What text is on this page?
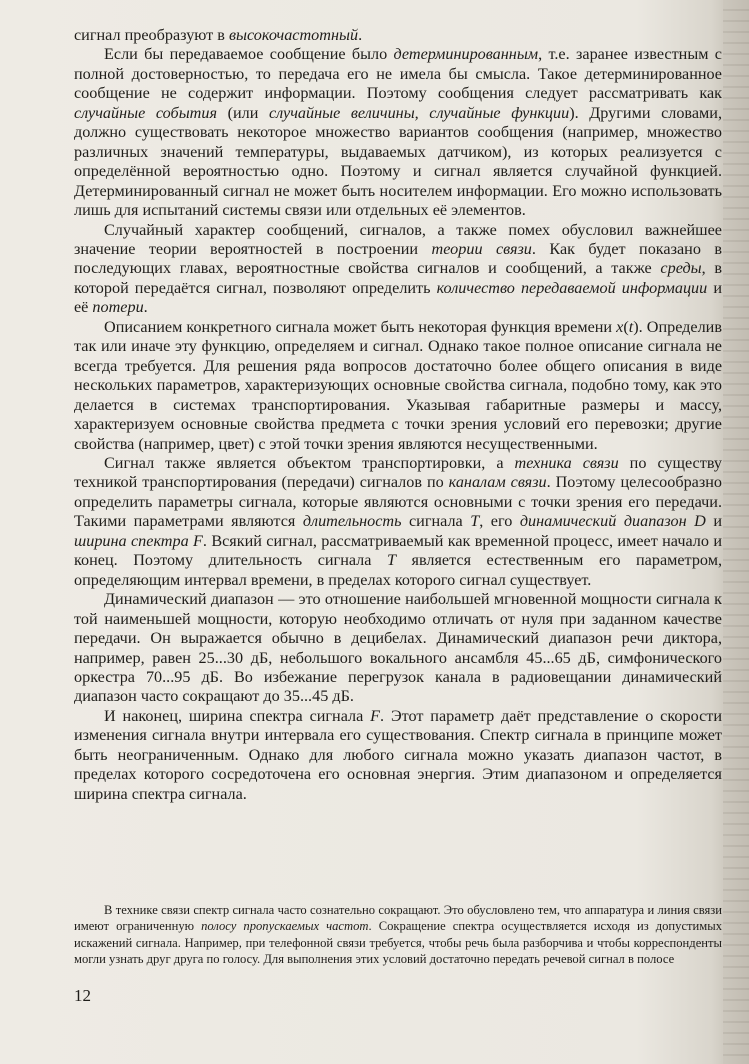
сигнал преобразуют в высокочастотный.

Если бы передаваемое сообщение было детерминированным, т.е. заранее известным с полной достоверностью, то передача его не имела бы смысла. Такое детерминированное сообщение не содержит информации. Поэтому сообщения следует рассматривать как случайные события (или случайные величины, случайные функции). Другими словами, должно существовать некоторое множество вариантов сообщения (например, множество различных значений температуры, выдаваемых датчиком), из которых реализуется с определённой вероятностью одно. Поэтому и сигнал является случайной функцией. Детерминированный сигнал не может быть носителем информации. Его можно использовать лишь для испытаний системы связи или отдельных её элементов.

Случайный характер сообщений, сигналов, а также помех обусловил важнейшее значение теории вероятностей в построении теории связи. Как будет показано в последующих главах, вероятностные свойства сигналов и сообщений, а также среды, в которой передаётся сигнал, позволяют определить количество передаваемой информации и её потери.

Описанием конкретного сигнала может быть некоторая функция времени x(t). Определив так или иначе эту функцию, определяем и сигнал. Однако такое полное описание сигнала не всегда требуется. Для решения ряда вопросов достаточно более общего описания в виде нескольких параметров, характеризующих основные свойства сигнала, подобно тому, как это делается в системах транспортирования. Указывая габаритные размеры и массу, характеризуем основные свойства предмета с точки зрения условий его перевозки; другие свойства (например, цвет) с этой точки зрения являются несущественными.

Сигнал также является объектом транспортировки, а техника связи по существу техникой транспортирования (передачи) сигналов по каналам связи. Поэтому целесообразно определить параметры сигнала, которые являются основными с точки зрения его передачи. Такими параметрами являются длительность сигнала T, его динамический диапазон D и ширина спектра F. Всякий сигнал, рассматриваемый как временной процесс, имеет начало и конец. Поэтому длительность сигнала T является естественным его параметром, определяющим интервал времени, в пределах которого сигнал существует.

Динамический диапазон — это отношение наибольшей мгновенной мощности сигнала к той наименьшей мощности, которую необходимо отличать от нуля при заданном качестве передачи. Он выражается обычно в децибелах. Динамический диапазон речи диктора, например, равен 25...30 дБ, небольшого вокального ансамбля 45...65 дБ, симфонического оркестра 70...95 дБ. Во избежание перегрузок канала в радиовещании динамический диапазон часто сокращают до 35...45 дБ.

И наконец, ширина спектра сигнала F. Этот параметр даёт представление о скорости изменения сигнала внутри интервала его существования. Спектр сигнала в принципе может быть неограниченным. Однако для любого сигнала можно указать диапазон частот, в пределах которого сосредоточена его основная энергия. Этим диапазоном и определяется ширина спектра сигнала.

В технике связи спектр сигнала часто сознательно сокращают. Это обусловлено тем, что аппаратура и линия связи имеют ограниченную полосу пропускаемых частот. Сокращение спектра осуществляется исходя из допустимых искажений сигнала. Например, при телефонной связи требуется, чтобы речь была разборчива и чтобы корреспонденты могли узнать друг друга по голосу. Для выполнения этих условий достаточно передать речевой сигнал в полосе

12
